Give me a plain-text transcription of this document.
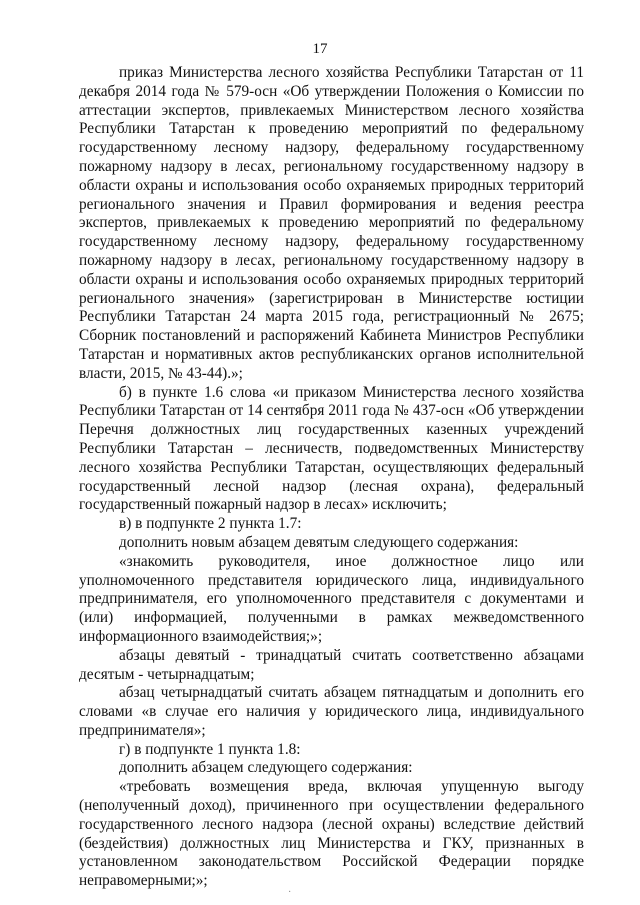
17

приказ Министерства лесного хозяйства Республики Татарстан от 11 декабря 2014 года № 579-осн «Об утверждении Положения о Комиссии по аттестации экспертов, привлекаемых Министерством лесного хозяйства Республики Татарстан к проведению мероприятий по федеральному государственному лесному надзору, федеральному государственному пожарному надзору в лесах, региональному государственному надзору в области охраны и использования особо охраняемых природных территорий регионального значения и Правил формирования и ведения реестра экспертов, привлекаемых к проведению мероприятий по федеральному государственному лесному надзору, федеральному государственному пожарному надзору в лесах, региональному государственному надзору в области охраны и использования особо охраняемых природных территорий регионального значения» (зарегистрирован в Министерстве юстиции Республики Татарстан 24 марта 2015 года, регистрационный № 2675; Сборник постановлений и распоряжений Кабинета Министров Республики Татарстан и нормативных актов республиканских органов исполнительной власти, 2015, № 43-44).»;

б) в пункте 1.6 слова «и приказом Министерства лесного хозяйства Республики Татарстан от 14 сентября 2011 года № 437-осн «Об утверждении Перечня должностных лиц государственных казенных учреждений Республики Татарстан – лесничеств, подведомственных Министерству лесного хозяйства Республики Татарстан, осуществляющих федеральный государственный лесной надзор (лесная охрана), федеральный государственный пожарный надзор в лесах» исключить;

в) в подпункте 2 пункта 1.7:

дополнить новым абзацем девятым следующего содержания:

«знакомить руководителя, иное должностное лицо или уполномоченного представителя юридического лица, индивидуального предпринимателя, его уполномоченного представителя с документами и (или) информацией, полученными в рамках межведомственного информационного взаимодействия;»;

абзацы девятый - тринадцатый считать соответственно абзацами десятым - четырнадцатым;

абзац четырнадцатый считать абзацем пятнадцатым и дополнить его словами «в случае его наличия у юридического лица, индивидуального предпринимателя»;

г) в подпункте 1 пункта 1.8:

дополнить абзацем следующего содержания:

«требовать возмещения вреда, включая упущенную выгоду (неполученный доход), причиненного при осуществлении федерального государственного лесного надзора (лесной охраны) вследствие действий (бездействия) должностных лиц Министерства и ГКУ, признанных в установленном законодательством Российской Федерации порядке неправомерными;»;

·
